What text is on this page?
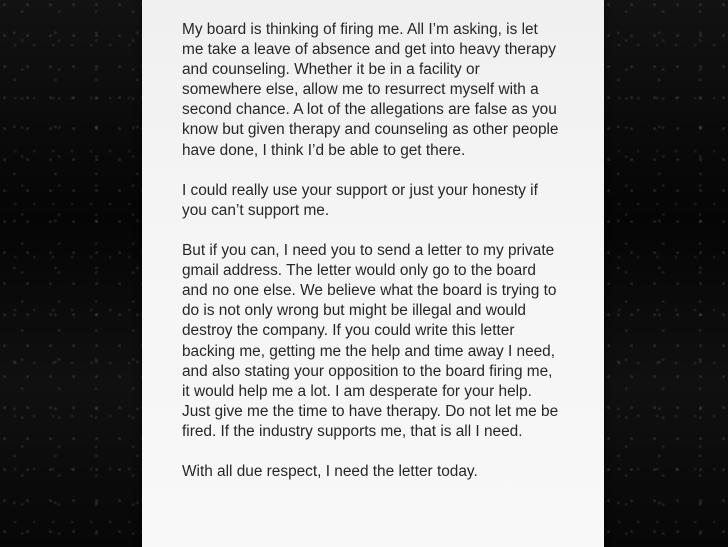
My board is thinking of firing me. All I’m asking, is let me take a leave of absence and get into heavy therapy and counseling. Whether it be in a facility or somewhere else, allow me to resurrect myself with a second chance. A lot of the allegations are false as you know but given therapy and counseling as other people have done, I think I’d be able to get there.

I could really use your support or just your honesty if you can’t support me.

But if you can, I need you to send a letter to my private gmail address. The letter would only go to the board and no one else. We believe what the board is trying to do is not only wrong but might be illegal and would destroy the company. If you could write this letter backing me, getting me the help and time away I need, and also stating your opposition to the board firing me, it would help me a lot. I am desperate for your help. Just give me the time to have therapy. Do not let me be fired. If the industry supports me, that is all I need.

With all due respect, I need the letter today.
